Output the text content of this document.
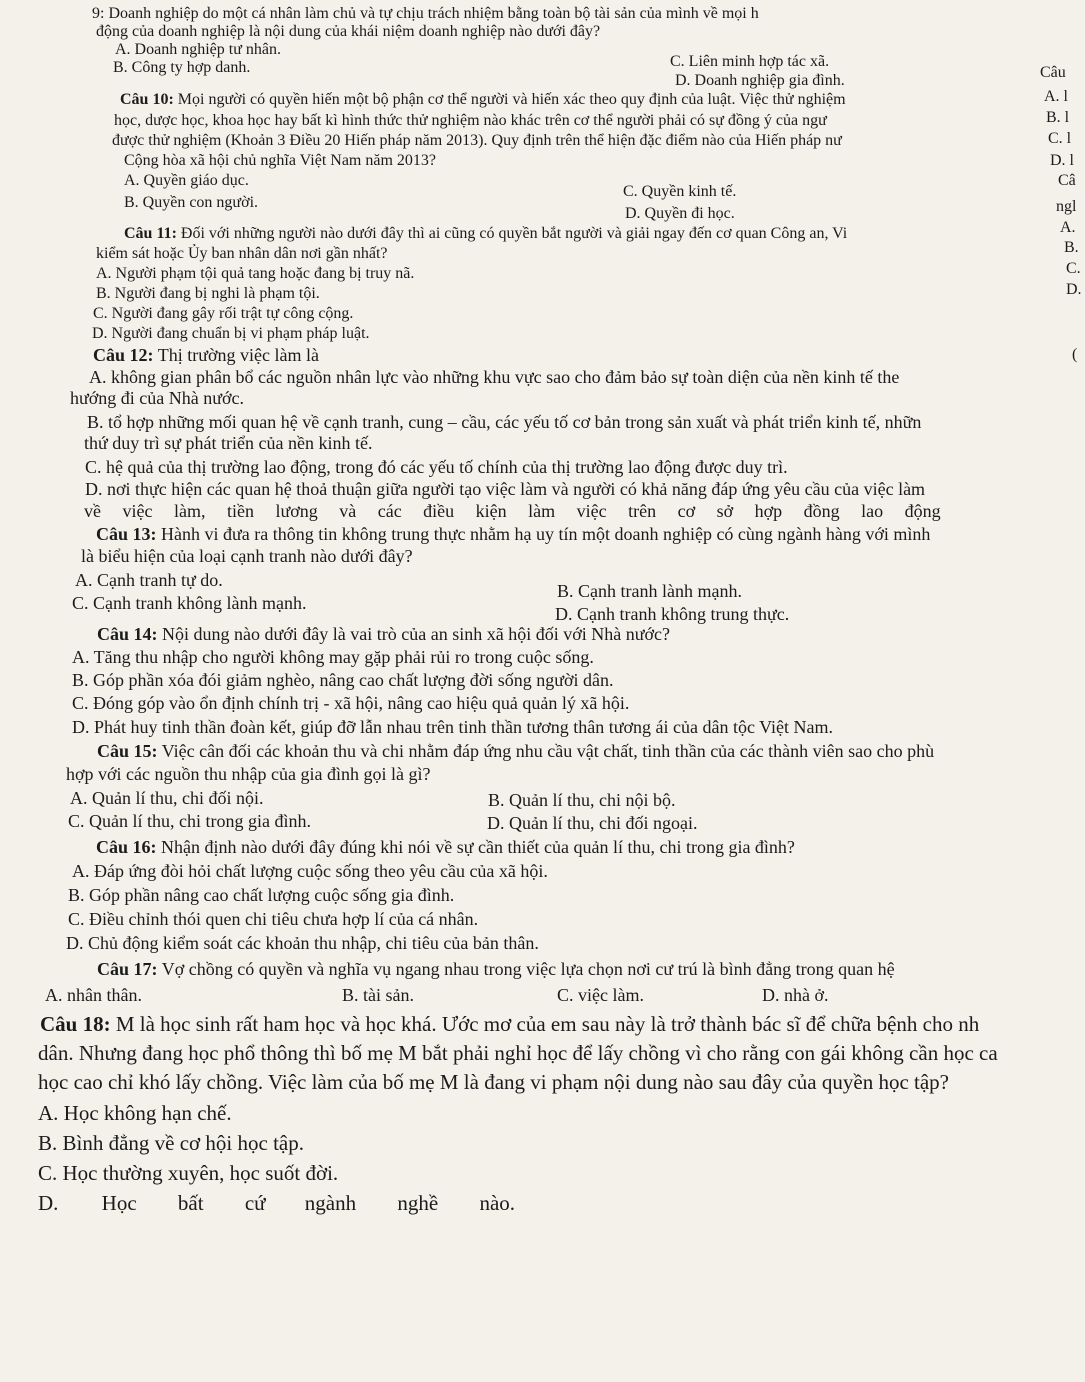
9: Doanh nghiệp do một cá nhân làm chủ và tự chịu trách nhiệm bằng toàn bộ tài sản của mình về mọi h
động của doanh nghiệp là nội dung của khái niệm doanh nghiệp nào dưới đây?
A. Doanh nghiệp tư nhân.
B. Công ty hợp danh.	C. Liên minh hợp tác xã.
D. Doanh nghiệp gia đình.
Câu 10: Mọi người có quyền hiến một bộ phận cơ thể người và hiến xác theo quy định của luật. Việc thử nghiệm
học, dược học, khoa học hay bất kì hình thức thử nghiệm nào khác trên cơ thể người phải có sự đồng ý của ngư
được thử nghiệm (Khoản 3 Điều 20 Hiến pháp năm 2013). Quy định trên thể hiện đặc điểm nào của Hiến pháp nư
Cộng hòa xã hội chủ nghĩa Việt Nam năm 2013?
A. Quyền giáo dục.
B. Quyền con người.
C. Quyền kinh tế.
D. Quyền đi học.
Câu 11: Đối với những người nào dưới đây thì ai cũng có quyền bắt người và giải ngay đến cơ quan Công an, Vi
kiểm sát hoặc Ủy ban nhân dân nơi gần nhất?
A. Người phạm tội quả tang hoặc đang bị truy nã.
B. Người đang bị nghi là phạm tội.
C. Người đang gây rối trật tự công cộng.
D. Người đang chuẩn bị vi phạm pháp luật.
Câu 12: Thị trường việc làm là
A. không gian phân bổ các nguồn nhân lực vào những khu vực sao cho đảm bảo sự toàn diện của nền kinh tế the
hướng đi của Nhà nước.
B. tổ hợp những mối quan hệ về cạnh tranh, cung – cầu, các yếu tố cơ bản trong sản xuất và phát triển kinh tế, nhữn
thứ duy trì sự phát triển của nền kinh tế.
C. hệ quả của thị trường lao động, trong đó các yếu tố chính của thị trường lao động được duy trì.
D. nơi thực hiện các quan hệ thoả thuận giữa người tạo việc làm và người có khả năng đáp ứng yêu cầu của việc làm
về việc làm, tiền lương và các điều kiện làm việc trên cơ sở hợp đồng lao động
Câu 13: Hành vi đưa ra thông tin không trung thực nhằm hạ uy tín một doanh nghiệp có cùng ngành hàng với mình
là biểu hiện của loại cạnh tranh nào dưới đây?
A. Cạnh tranh tự do.
B. Cạnh tranh lành mạnh.
C. Cạnh tranh không lành mạnh.
D. Cạnh tranh không trung thực.
Câu 14: Nội dung nào dưới đây là vai trò của an sinh xã hội đối với Nhà nước?
A. Tăng thu nhập cho người không may gặp phải rủi ro trong cuộc sống.
B. Góp phần xóa đói giảm nghèo, nâng cao chất lượng đời sống người dân.
C. Đóng góp vào ổn định chính trị - xã hội, nâng cao hiệu quả quản lý xã hội.
D. Phát huy tinh thần đoàn kết, giúp đỡ lẫn nhau trên tinh thần tương thân tương ái của dân tộc Việt Nam.
Câu 15: Việc cân đối các khoản thu và chi nhằm đáp ứng nhu cầu vật chất, tinh thần của các thành viên sao cho phù
hợp với các nguồn thu nhập của gia đình gọi là gì?
A. Quản lí thu, chi đối nội.	B. Quản lí thu, chi nội bộ.
C. Quản lí thu, chi trong gia đình.	D. Quản lí thu, chi đối ngoại.
Câu 16: Nhận định nào dưới đây đúng khi nói về sự cần thiết của quản lí thu, chi trong gia đình?
A. Đáp ứng đòi hỏi chất lượng cuộc sống theo yêu cầu của xã hội.
B. Góp phần nâng cao chất lượng cuộc sống gia đình.
C. Điều chỉnh thói quen chi tiêu chưa hợp lí của cá nhân.
D. Chủ động kiểm soát các khoản thu nhập, chi tiêu của bản thân.
Câu 17: Vợ chồng có quyền và nghĩa vụ ngang nhau trong việc lựa chọn nơi cư trú là bình đẳng trong quan hệ
A. nhân thân.	B. tài sản.	C. việc làm.	D. nhà ở.
Câu 18: M là học sinh rất ham học và học khá. Ước mơ của em sau này là trở thành bác sĩ để chữa bệnh cho nh
dân. Nhưng đang học phổ thông thì bố mẹ M bắt phải nghỉ học để lấy chồng vì cho rằng con gái không cần học ca
học cao chỉ khó lấy chồng. Việc làm của bố mẹ M là đang vi phạm nội dung nào sau đây của quyền học tập?
A. Học không hạn chế.
B. Bình đẳng về cơ hội học tập.
C. Học thường xuyên, học suốt đời.
D. Học bất cứ ngành nghề nào.
Câu
A. l
B. l
C. l
D. l
Câ
ngl
A.
B.
C.
D.
(
